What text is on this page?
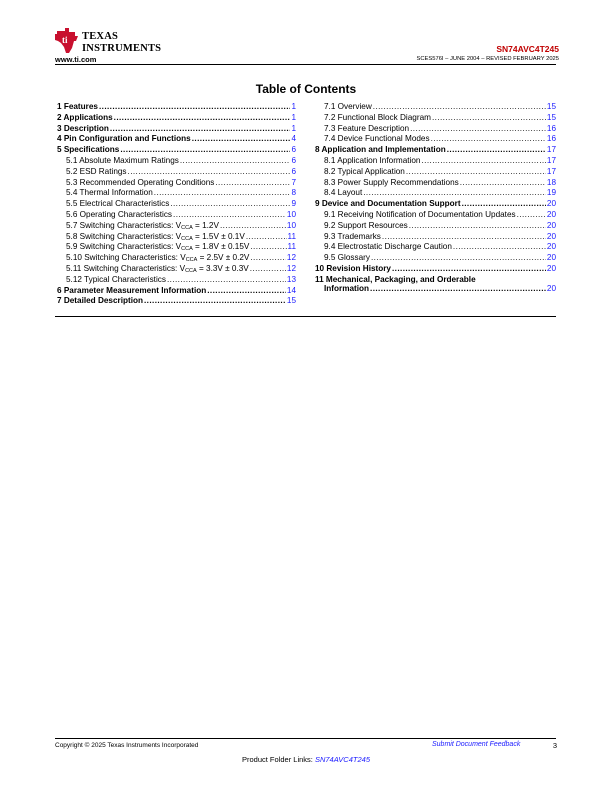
ti TEXAS
INSTRUMENTS
www.ti.com
SN74AVC4T245
SCES576I – JUNE 2004 – REVISED FEBRUARY 2025
Table of Contents
1 Features .....	1
2 Applications .....	1
3 Description .....	1
4 Pin Configuration and Functions .....	4
5 Specifications .....	6
5.1 Absolute Maximum Ratings .....	6
5.2 ESD Ratings .....	6
5.3 Recommended Operating Conditions .....	7
5.4 Thermal Information .....	8
5.5 Electrical Characteristics .....	9
5.6 Operating Characteristics .....	10
5.7 Switching Characteristics: $V_{CCA} = 1.2V$ .....	10
5.8 Switching Characteristics: $V_{CCA} = 1.5V \pm 0.1V$ .....	11
5.9 Switching Characteristics: $V_{CCA} = 1.8V \pm 0.15V$ .....	11
5.10 Switching Characteristics: $V_{CCA} = 2.5V \pm 0.2V$ .....	12
5.11 Switching Characteristics: $V_{CCA} = 3.3V \pm 0.3V$ .....	12
5.12 Typical Characteristics .....	13
6 Parameter Measurement Information .....	14
7 Detailed Description .....	15
7.1 Overview .....	15
7.2 Functional Block Diagram .....	15
7.3 Feature Description .....	16
7.4 Device Functional Modes .....	16
8 Application and Implementation .....	17
8.1 Application Information .....	17
8.2 Typical Application .....	17
8.3 Power Supply Recommendations .....	18
8.4 Layout .....	19
9 Device and Documentation Support .....	20
9.1 Receiving Notification of Documentation Updates .....	20
9.2 Support Resources .....	20
9.3 Trademarks .....	20
9.4 Electrostatic Discharge Caution .....	20
9.5 Glossary .....	20
10 Revision History .....	20
11 Mechanical, Packaging, and Orderable
Information .....	20
Copyright © 2025 Texas Instruments Incorporated	Submit Document Feedback	3
Product Folder Links: SN74AVC4T245
